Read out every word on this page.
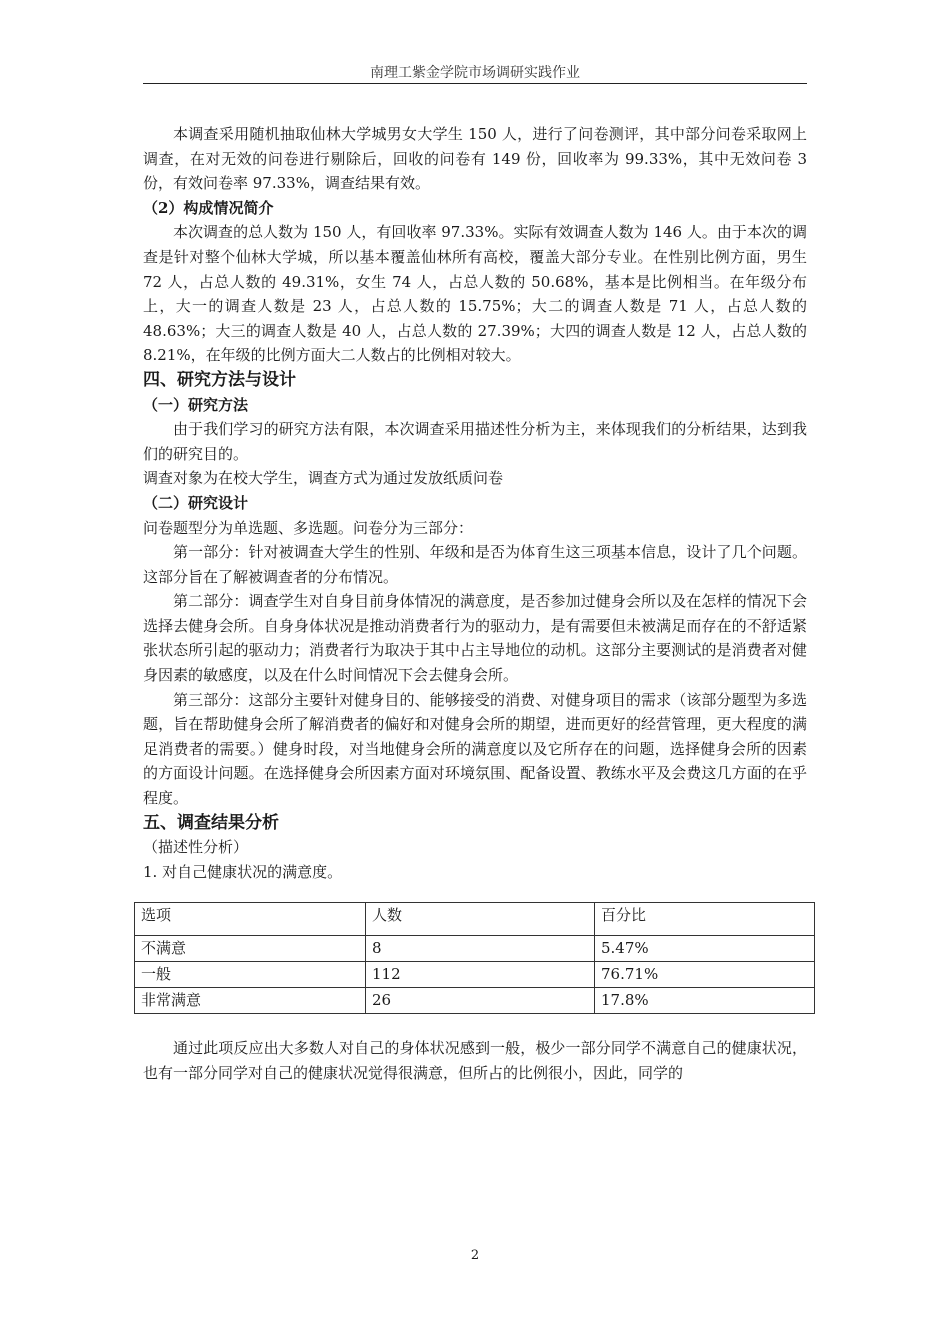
南理工紫金学院市场调研实践作业

本调查采用随机抽取仙林大学城男女大学生 150 人，进行了问卷测评，其中部分问卷采取网上调查，在对无效的问卷进行剔除后，回收的问卷有 149 份，回收率为 99.33%，其中无效问卷 3 份，有效问卷率 97.33%，调查结果有效。

（2）构成情况简介

本次调查的总人数为 150 人，有回收率 97.33%。实际有效调查人数为 146 人。由于本次的调查是针对整个仙林大学城，所以基本覆盖仙林所有高校，覆盖大部分专业。在性别比例方面，男生 72 人，占总人数的 49.31%，女生 74 人，占总人数的 50.68%，基本是比例相当。在年级分布上，大一的调查人数是 23 人，占总人数的 15.75%；大二的调查人数是 71 人，占总人数的 48.63%；大三的调查人数是 40 人，占总人数的 27.39%；大四的调查人数是 12 人，占总人数的 8.21%，在年级的比例方面大二人数占的比例相对较大。

四、研究方法与设计

（一）研究方法

由于我们学习的研究方法有限，本次调查采用描述性分析为主，来体现我们的分析结果，达到我们的研究目的。

调查对象为在校大学生，调查方式为通过发放纸质问卷

（二）研究设计

问卷题型分为单选题、多选题。问卷分为三部分：

第一部分：针对被调查大学生的性别、年级和是否为体育生这三项基本信息，设计了几个问题。这部分旨在了解被调查者的分布情况。

第二部分：调查学生对自身目前身体情况的满意度，是否参加过健身会所以及在怎样的情况下会选择去健身会所。自身身体状况是推动消费者行为的驱动力，是有需要但未被满足而存在的不舒适紧张状态所引起的驱动力；消费者行为取决于其中占主导地位的动机。这部分主要测试的是消费者对健身因素的敏感度，以及在什么时间情况下会去健身会所。

第三部分：这部分主要针对健身目的、能够接受的消费、对健身项目的需求（该部分题型为多选题，旨在帮助健身会所了解消费者的偏好和对健身会所的期望，进而更好的经营管理，更大程度的满足消费者的需要。）健身时段，对当地健身会所的满意度以及它所存在的问题，选择健身会所的因素的方面设计问题。在选择健身会所因素方面对环境氛围、配备设置、教练水平及会费这几方面的在乎程度。

五、调查结果分析

（描述性分析）

1. 对自己健康状况的满意度。

选项	人数	百分比
不满意	8	5.47%
一般	112	76.71%
非常满意	26	17.8%

通过此项反应出大多数人对自己的身体状况感到一般，极少一部分同学不满意自己的健康状况，也有一部分同学对自己的健康状况觉得很满意，但所占的比例很小，因此，同学的

2
